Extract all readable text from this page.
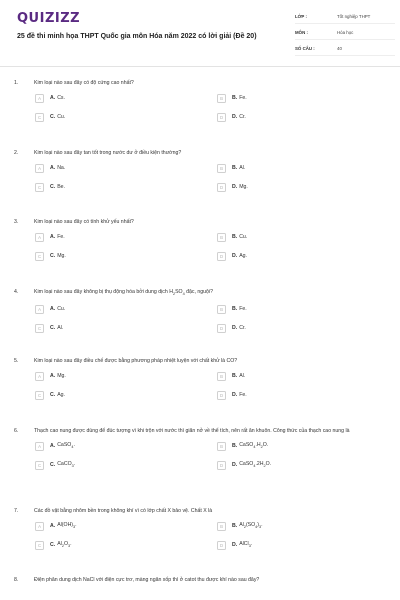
QUIZIZZ
25 đề thi minh họa THPT Quốc gia môn Hóa năm 2022 có lời giải (Đề 20)
LỚP :	Tốt nghiệp THPT
MÔN :	Hóa học
SỐ CÂU :	40
1.	Kim loại nào sau đây có độ cứng cao nhất?
A	A. Cs.	B	B. Fe.
C	C. Cu.	D	D. Cr.
2.	Kim loại nào sau đây tan tốt trong nước dư ở điều kiện thường?
A	A. Na.	B	B. Al.
C	C. Be.	D	D. Mg.
3.	Kim loại nào sau đây có tính khử yếu nhất?
A	A. Fe.	B	B. Cu.
C	C. Mg.	D	D. Ag.
4.	Kim loại nào sau đây không bị thụ động hóa bởi dung dịch $H_2SO_4$ đặc, nguội?
A	A. Cu.	B	B. Fe.
C	C. Al.	D	D. Cr.
5.	Kim loại nào sau đây điều chế được bằng phương pháp nhiệt luyện với chất khử là CO?
A	A. Mg.	B	B. Al.
C	C. Ag.	D	D. Fe.
6.	Thạch cao nung được dùng để đúc tượng vì khi trộn với nước thì giãn nở về thể tích, nên rất ăn khuôn. Công thức của thạch cao nung là
A	A. CaSO$_4$.	B	B. $CaSO_4.H_2O$.
C	C. CaCO$_3$.	D	D. $CaSO_4.2H_2O$.
7.	Các đồ vật bằng nhôm bền trong không khí vì có lớp chất X bảo vệ. Chất X là
A	A. $Al(OH)_3$.	B	B. $Al_2(SO_4)_3$.
C	C. $Al_2O_3$.	D	D. AlCl$_3$.
8.	Điện phân dung dịch NaCl với điện cực trơ, màng ngăn xốp thì ở catot thu được khí nào sau đây?
